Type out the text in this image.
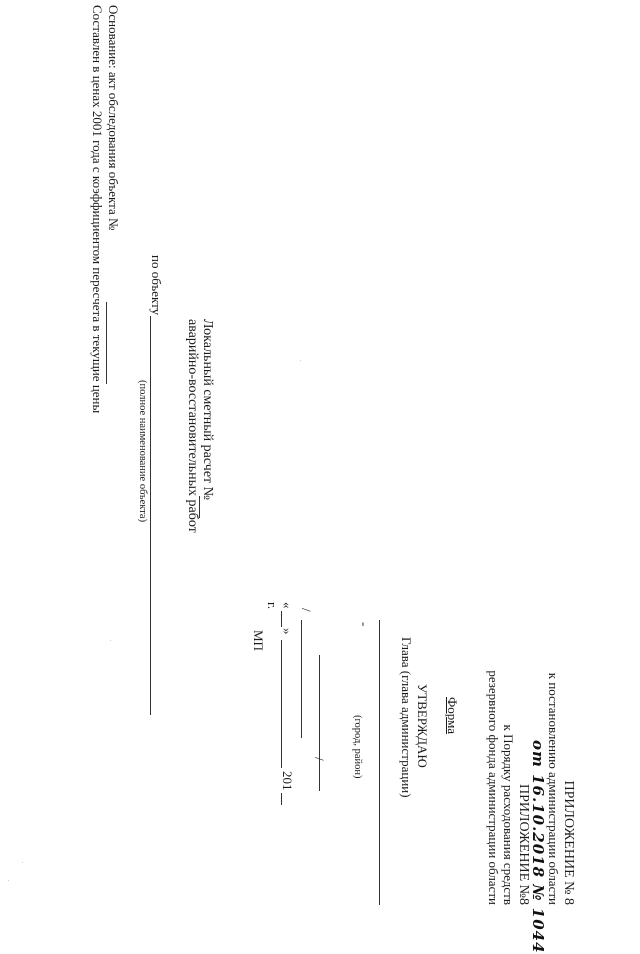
ПРИЛОЖЕНИЕ № 8
к постановлению администрации области
от 16.10.2018 № 1044
ПРИЛОЖЕНИЕ №8
к Порядку расходования средств
резервного фонда администрации области
Форма
УТВЕРЖДАЮ
Глава (глава администрации)
-
(город, район)
/
/
«
»
201
г.
МП
Локальный сметный расчет №
аварийно-восстановительных работ
по объекту
(полное наименование объекта)
Основание: акт обследования объекта №
Составлен в ценах 2001 года с коэффициентом пересчета в текущие цены
